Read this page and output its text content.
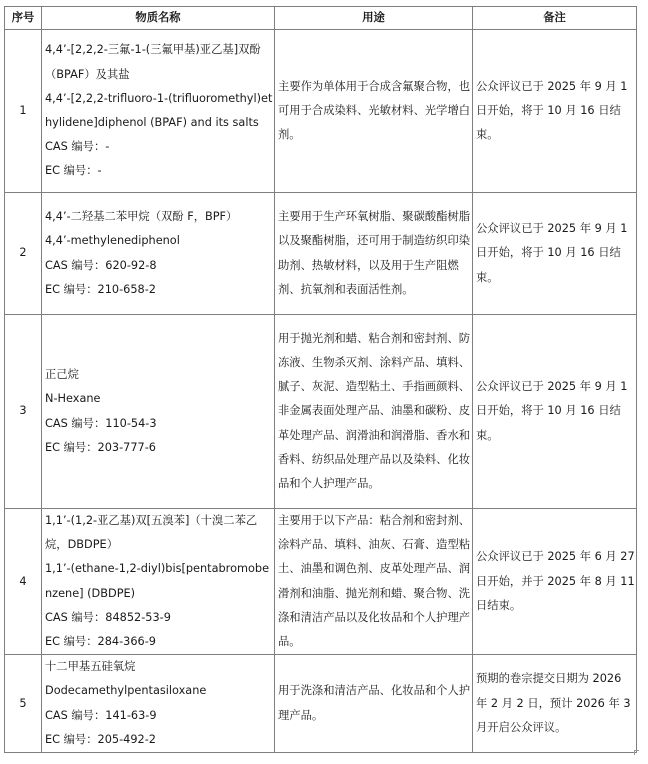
序号	物质名称	用途	备注
1	4,4’-[2,2,2-三氟-1-(三氟甲基)亚乙基]双酚（BPAF）及其盐
4,4’-[2,2,2-trifluoro-1-(trifluoromethyl)ethylidene]diphenol (BPAF) and its salts
CAS 编号：-
EC 编号：-	主要作为单体用于合成含氟聚合物，也可用于合成染料、光敏材料、光学增白剂。	公众评议已于 2025 年 9 月 1 日开始，将于 10 月 16 日结束。
2	4,4’-二羟基二苯甲烷（双酚 F，BPF）
4,4’-methylenediphenol
CAS 编号：620-92-8
EC 编号：210-658-2	主要用于生产环氧树脂、聚碳酸酯树脂以及聚酯树脂，还可用于制造纺织印染助剂、热敏材料，以及用于生产阻燃剂、抗氧剂和表面活性剂。	公众评议已于 2025 年 9 月 1 日开始，将于 10 月 16 日结束。
3	正己烷
N-Hexane
CAS 编号：110-54-3
EC 编号：203-777-6	用于抛光剂和蜡、粘合剂和密封剂、防冻液、生物杀灭剂、涂料产品、填料、腻子、灰泥、造型粘土、手指画颜料、非金属表面处理产品、油墨和碳粉、皮革处理产品、润滑油和润滑脂、香水和香料、纺织品处理产品以及染料、化妆品和个人护理产品。	公众评议已于 2025 年 9 月 1 日开始，将于 10 月 16 日结束。
4	1,1’-(1,2-亚乙基)双[五溴苯]（十溴二苯乙烷，DBDPE）
1,1’-(ethane-1,2-diyl)bis[pentabromobenzene] (DBDPE)
CAS 编号：84852-53-9
EC 编号：284-366-9	主要用于以下产品：粘合剂和密封剂、涂料产品、填料、油灰、石膏、造型粘土、油墨和调色剂、皮革处理产品、润滑剂和油脂、抛光剂和蜡、聚合物、洗涤和清洁产品以及化妆品和个人护理产品。	公众评议已于 2025 年 6 月 27 日开始，并于 2025 年 8 月 11 日结束。
5	十二甲基五硅氧烷
Dodecamethylpentasiloxane
CAS 编号：141-63-9
EC 编号：205-492-2	用于洗涤和清洁产品、化妆品和个人护理产品。	预期的卷宗提交日期为 2026 年 2 月 2 日，预计 2026 年 3 月开启公众评议。
